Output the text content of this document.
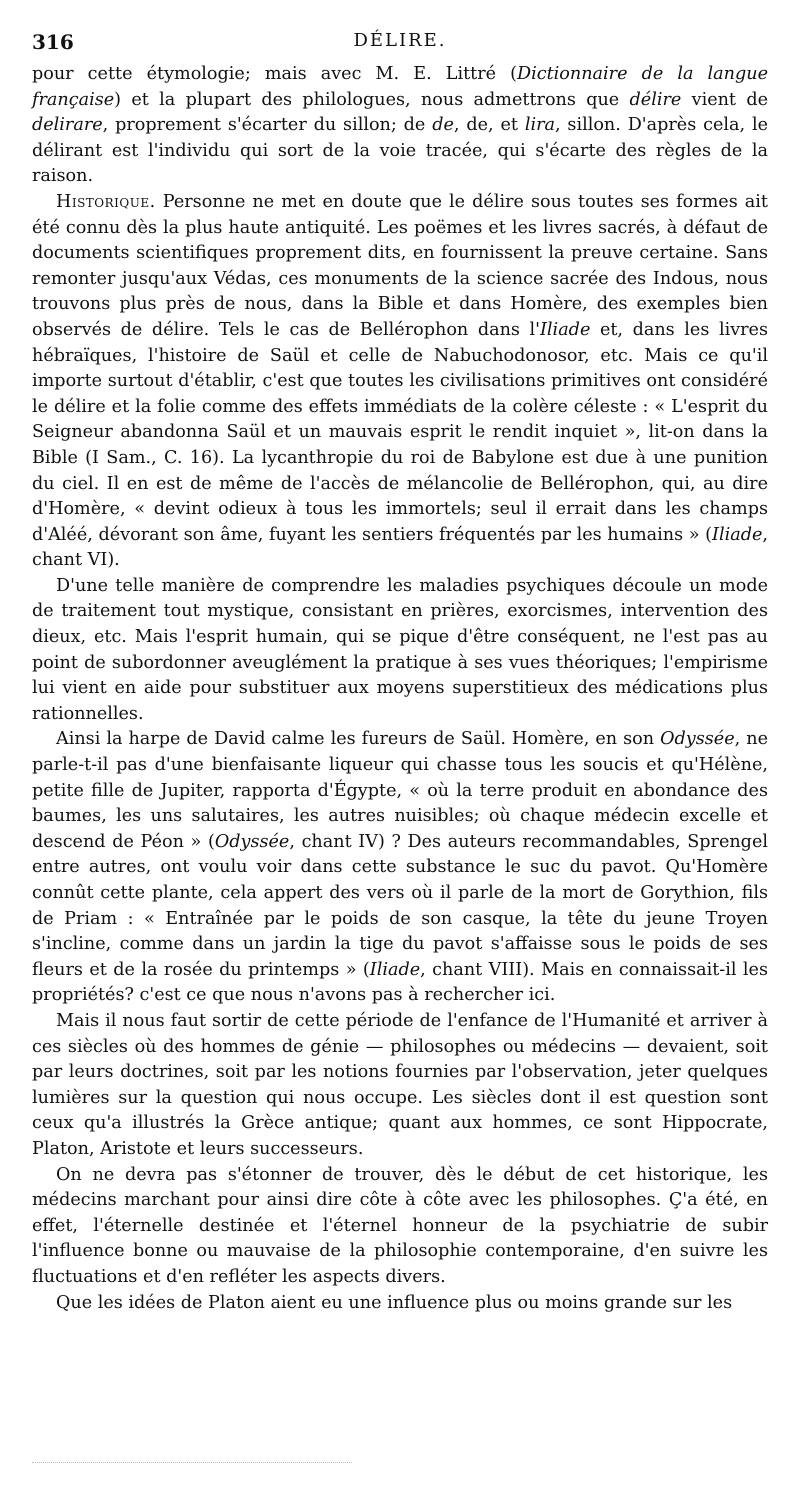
316	DÉLIRE.

pour cette étymologie; mais avec M. E. Littré (Dictionnaire de la langue française) et la plupart des philologues, nous admettrons que délire vient de delirare, proprement s'écarter du sillon; de de, de, et lira, sillon. D'après cela, le délirant est l'individu qui sort de la voie tracée, qui s'écarte des règles de la raison.

Historique. Personne ne met en doute que le délire sous toutes ses formes ait été connu dès la plus haute antiquité. Les poëmes et les livres sacrés, à défaut de documents scientifiques proprement dits, en fournissent la preuve certaine. Sans remonter jusqu'aux Védas, ces monuments de la science sacrée des Indous, nous trouvons plus près de nous, dans la Bible et dans Homère, des exemples bien observés de délire. Tels le cas de Bellérophon dans l'Iliade et, dans les livres hébraïques, l'histoire de Saül et celle de Nabuchodonosor, etc. Mais ce qu'il importe surtout d'établir, c'est que toutes les civilisations primitives ont considéré le délire et la folie comme des effets immédiats de la colère céleste : « L'esprit du Seigneur abandonna Saül et un mauvais esprit le rendit inquiet », lit-on dans la Bible (I Sam., C. 16). La lycanthropie du roi de Babylone est due à une punition du ciel. Il en est de même de l'accès de mélancolie de Bellérophon, qui, au dire d'Homère, « devint odieux à tous les immortels; seul il errait dans les champs d'Aléé, dévorant son âme, fuyant les sentiers fréquentés par les humains » (Iliade, chant VI).

D'une telle manière de comprendre les maladies psychiques découle un mode de traitement tout mystique, consistant en prières, exorcismes, intervention des dieux, etc. Mais l'esprit humain, qui se pique d'être conséquent, ne l'est pas au point de subordonner aveuglément la pratique à ses vues théoriques; l'empirisme lui vient en aide pour substituer aux moyens superstitieux des médications plus rationnelles.

Ainsi la harpe de David calme les fureurs de Saül. Homère, en son Odyssée, ne parle-t-il pas d'une bienfaisante liqueur qui chasse tous les soucis et qu'Hélène, petite fille de Jupiter, rapporta d'Égypte, « où la terre produit en abondance des baumes, les uns salutaires, les autres nuisibles; où chaque médecin excelle et descend de Péon » (Odyssée, chant IV) ? Des auteurs recommandables, Sprengel entre autres, ont voulu voir dans cette substance le suc du pavot. Qu'Homère connût cette plante, cela appert des vers où il parle de la mort de Gorythion, fils de Priam : « Entraînée par le poids de son casque, la tête du jeune Troyen s'incline, comme dans un jardin la tige du pavot s'affaisse sous le poids de ses fleurs et de la rosée du printemps » (Iliade, chant VIII). Mais en connaissait-il les propriétés? c'est ce que nous n'avons pas à rechercher ici.

Mais il nous faut sortir de cette période de l'enfance de l'Humanité et arriver à ces siècles où des hommes de génie — philosophes ou médecins — devaient, soit par leurs doctrines, soit par les notions fournies par l'observation, jeter quelques lumières sur la question qui nous occupe. Les siècles dont il est question sont ceux qu'a illustrés la Grèce antique; quant aux hommes, ce sont Hippocrate, Platon, Aristote et leurs successeurs.

On ne devra pas s'étonner de trouver, dès le début de cet historique, les médecins marchant pour ainsi dire côte à côte avec les philosophes. Ç'a été, en effet, l'éternelle destinée et l'éternel honneur de la psychiatrie de subir l'influence bonne ou mauvaise de la philosophie contemporaine, d'en suivre les fluctuations et d'en refléter les aspects divers.

Que les idées de Platon aient eu une influence plus ou moins grande sur les
